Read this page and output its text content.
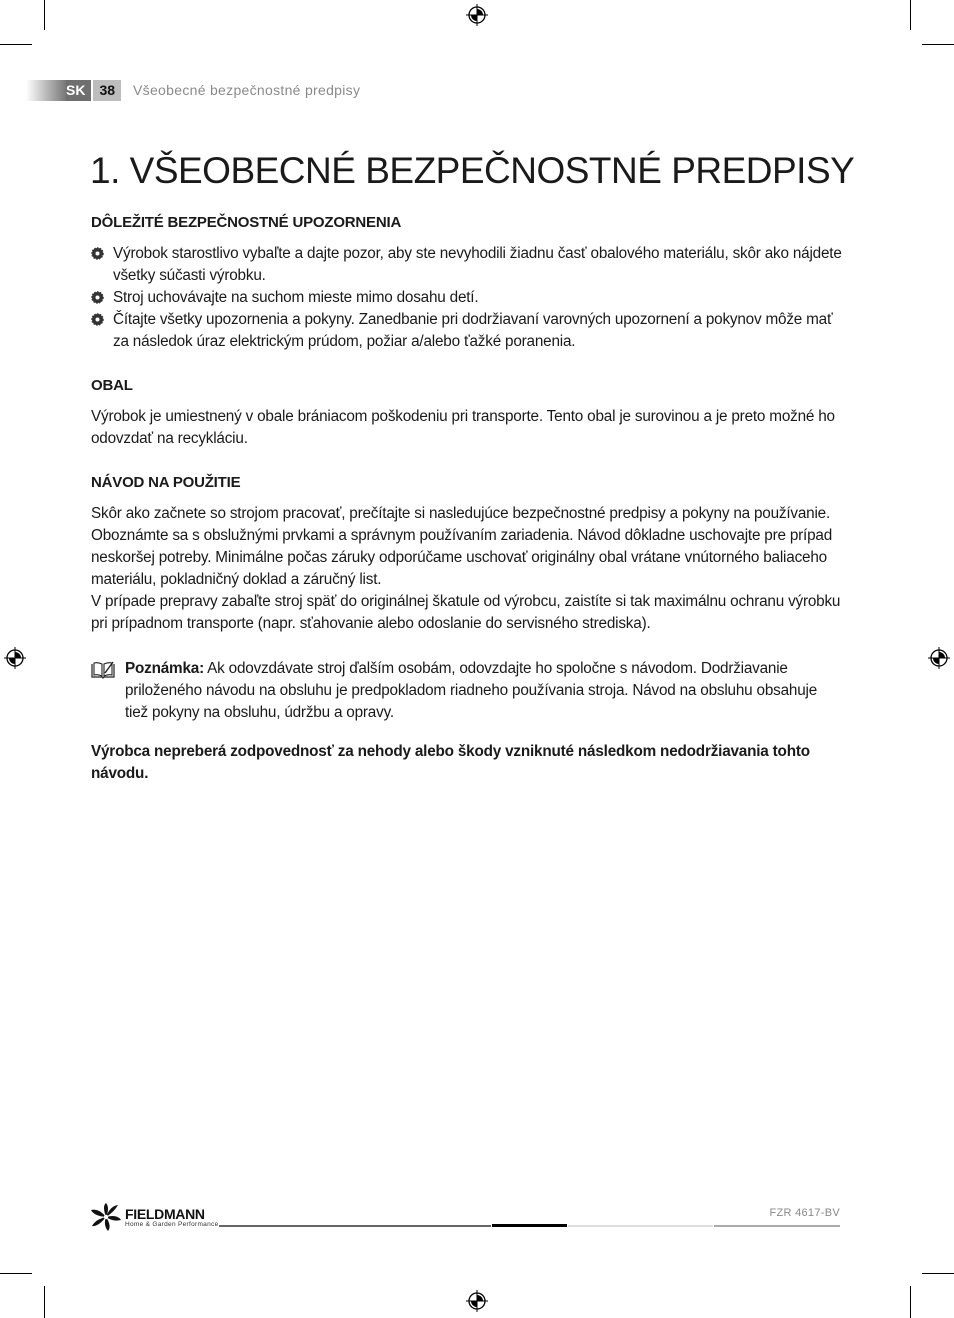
SK	38	Všeobecné bezpečnostné predpisy
1. VŠEOBECNÉ BEZPEČNOSTNÉ PREDPISY
DÔLEŽITÉ BEZPEČNOSTNÉ UPOZORNENIA
Výrobok starostlivo vybaľte a dajte pozor, aby ste nevyhodili žiadnu časť obalového materiálu, skôr ako nájdete všetky súčasti výrobku.
Stroj uchovávajte na suchom mieste mimo dosahu detí.
Čítajte všetky upozornenia a pokyny. Zanedbanie pri dodržiavaní varovných upozornení a pokynov môže mať za následok úraz elektrickým prúdom, požiar a/alebo ťažké poranenia.
OBAL

Výrobok je umiestnený v obale brániacom poškodeniu pri transporte. Tento obal je surovinou a je preto možné ho odovzdať na recykláciu.

NÁVOD NA POUŽITIE

Skôr ako začnete so strojom pracovať, prečítajte si nasledujúce bezpečnostné predpisy a pokyny na používanie. Oboznámte sa s obslužnými prvkami a správnym používaním zariadenia. Návod dôkladne uschovajte pre prípad neskoršej potreby. Minimálne počas záruky odporúčame uschovať originálny obal vrátane vnútorného baliaceho materiálu, pokladničný doklad a záručný list.

V prípade prepravy zabaľte stroj späť do originálnej škatule od výrobcu, zaistíte si tak maximálnu ochranu výrobku pri prípadnom transporte (napr. sťahovanie alebo odoslanie do servisného strediska).

Poznámka: Ak odovzdávate stroj ďalším osobám, odovzdajte ho spoločne s návodom. Dodržiavanie priloženého návodu na obsluhu je predpokladom riadneho používania stroja. Návod na obsluhu obsahuje tiež pokyny na obsluhu, údržbu a opravy.

Výrobca nepreberá zodpovednosť za nehody alebo škody vzniknuté následkom nedodržiavania tohto návodu.

FIELDMANN
Home & Garden Performance
FZR 4617-BV
